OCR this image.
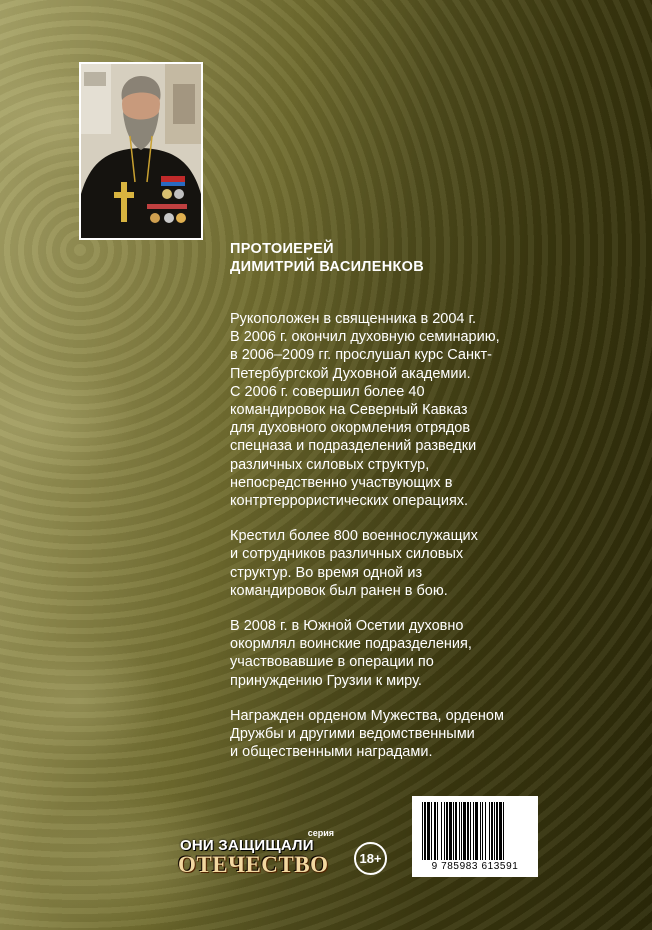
ПРОТОИЕРЕЙ

ДИМИТРИЙ ВАСИЛЕНКОВ

Рукоположен в священника в 2004 г.
В 2006 г. окончил духовную семинарию,
в 2006–2009 гг. прослушал курс Санкт-
Петербургской Духовной академии.
С 2006 г. совершил более 40
командировок на Северный Кавказ
для духовного окормления отрядов
спецназа и подразделений разведки
различных силовых структур,
непосредственно участвующих в
контртеррористических операциях.

Крестил более 800 военнослужащих
и сотрудников различных силовых
структур. Во время одной из
командировок был ранен в бою.

В 2008 г. в Южной Осетии духовно
окормлял воинские подразделения,
участвовавшие в операции по
принуждению Грузии к миру.

Награжден орденом Мужества, орденом
Дружбы и другими ведомственными
и общественными наградами.

серия
ОНИ ЗАЩИЩАЛИ
ОТЕЧЕСТВО	18+
9 785983 613591
